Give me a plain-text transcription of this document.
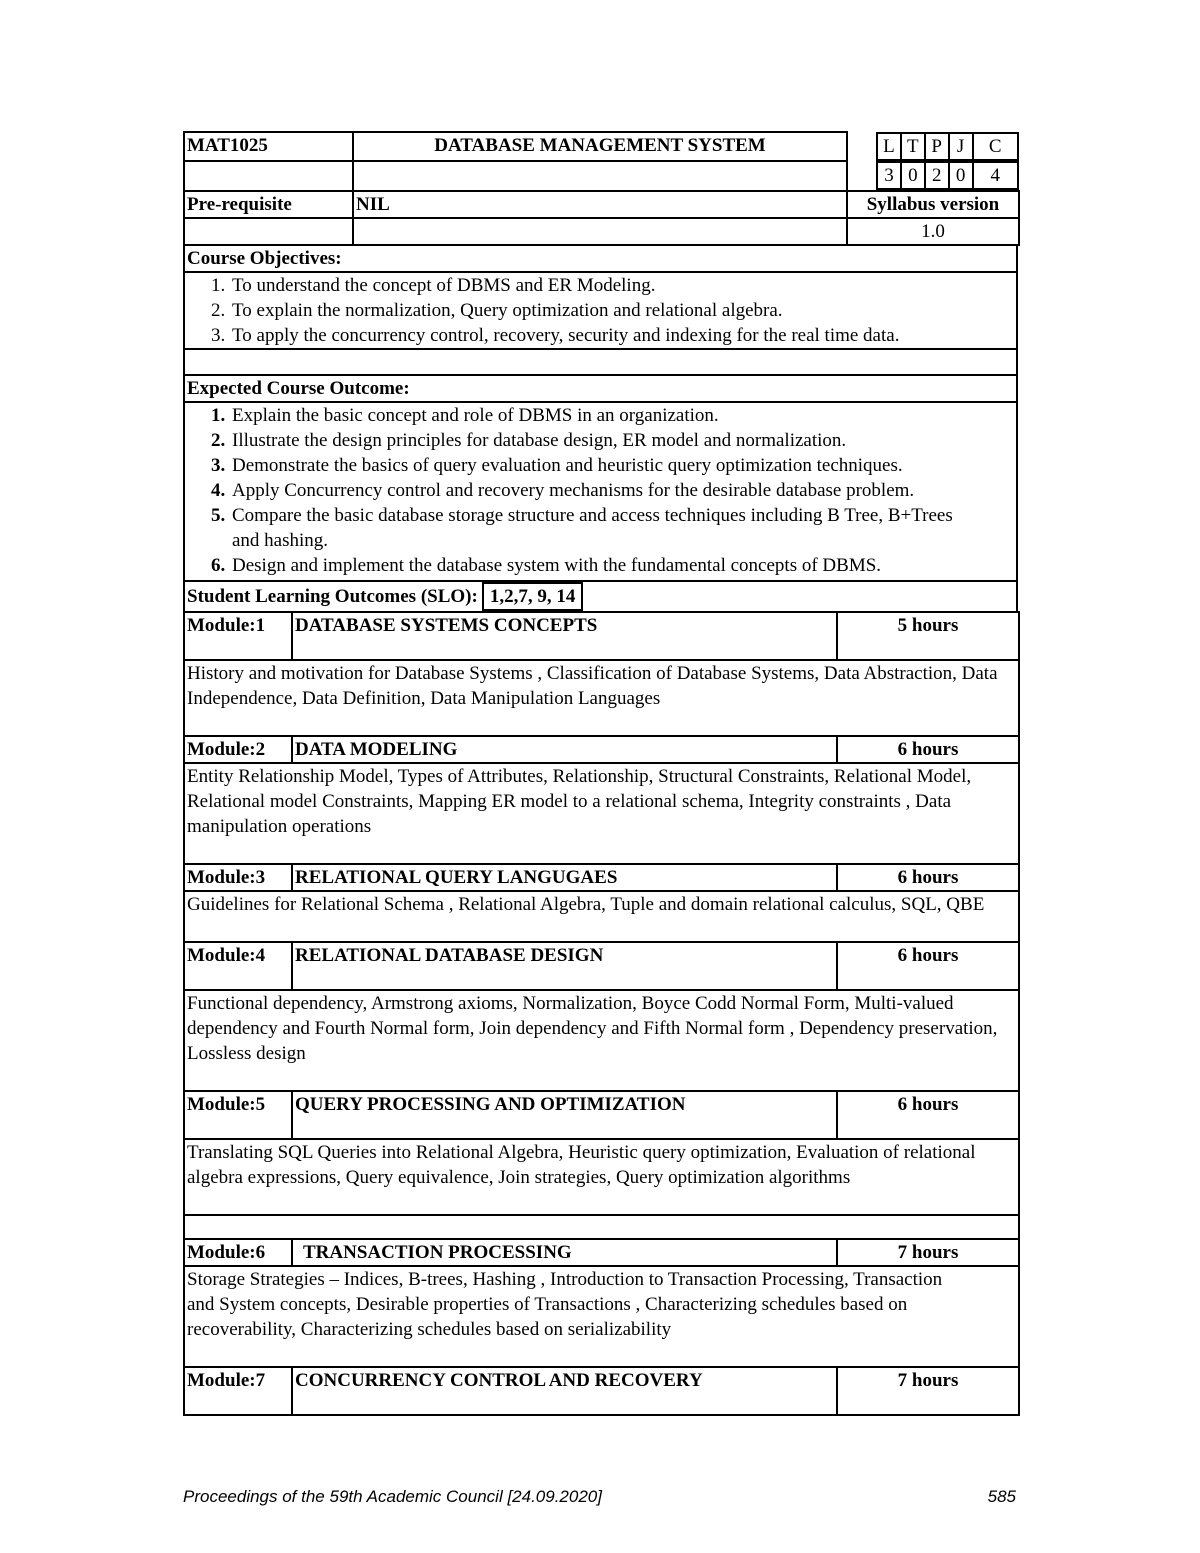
MAT1025	DATABASE MANAGEMENT SYSTEM		L	T	P	J	C

3	0	2	0	4

Pre-requisite	NIL	Syllabus version
		1.0
Course Objectives:

1. To understand the concept of DBMS and ER Modeling.
2. To explain the normalization, Query optimization and relational algebra.
3. To apply the concurrency control, recovery, security and indexing for the real time data.

Expected Course Outcome:

1. Explain the basic concept and role of DBMS in an organization.
2. Illustrate the design principles for database design, ER model and normalization.
3. Demonstrate the basics of query evaluation and heuristic query optimization techniques.
4. Apply Concurrency control and recovery mechanisms for the desirable database problem.
5. Compare the basic database storage structure and access techniques including B Tree, B+Trees and hashing.
6. Design and implement the database system with the fundamental concepts of DBMS.

Student Learning Outcomes (SLO): 1,2,7, 9, 14
Module:1	DATABASE SYSTEMS CONCEPTS	5 hours
History and motivation for Database Systems , Classification of Database Systems, Data Abstraction, Data Independence, Data Definition, Data Manipulation Languages		
Module:2	DATA MODELING	6 hours
Entity Relationship Model, Types of Attributes, Relationship, Structural Constraints, Relational Model, Relational model Constraints, Mapping ER model to a relational schema, Integrity constraints , Data manipulation operations		
Module:3	RELATIONAL QUERY LANGUGAES	6 hours
Guidelines for Relational Schema , Relational Algebra, Tuple and domain relational calculus, SQL, QBE		
Module:4	RELATIONAL DATABASE DESIGN	6 hours
Functional dependency, Armstrong axioms, Normalization, Boyce Codd Normal Form, Multi-valued dependency and Fourth Normal form, Join dependency and Fifth Normal form , Dependency preservation, Lossless design		
Module:5	QUERY PROCESSING AND OPTIMIZATION	6 hours
Translating SQL Queries into Relational Algebra, Heuristic query optimization, Evaluation of relational algebra expressions, Query equivalence, Join strategies, Query optimization algorithms		

Module:6	TRANSACTION PROCESSING	7 hours
Storage Strategies – Indices, B-trees, Hashing , Introduction to Transaction Processing, Transaction and System concepts, Desirable properties of Transactions , Characterizing schedules based on recoverability, Characterizing schedules based on serializability		
Module:7	CONCURRENCY CONTROL AND RECOVERY	7 hours
Proceedings of the 59th Academic Council [24.09.2020]	585
